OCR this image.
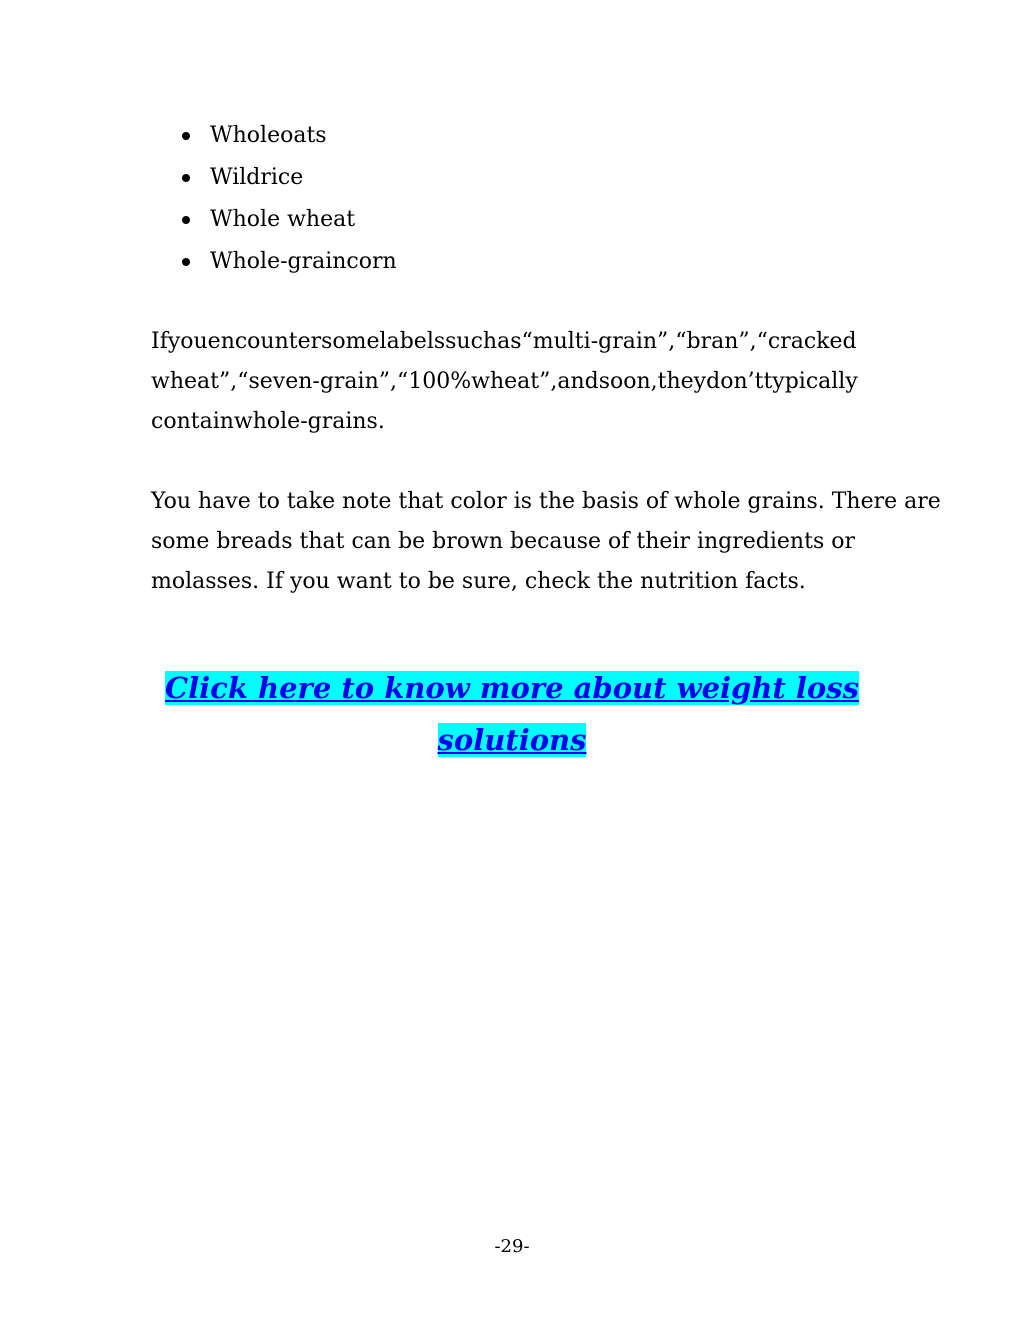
Wholeoats
Wildrice
Whole wheat
Whole-graincorn

Ifyouencountersomelabelssuchas“multi-grain”,“bran”,“cracked
wheat”,“seven-grain”,“100%wheat”,andsoon,theydon’ttypically
containwhole-grains.

You have to take note that color is the basis of whole grains. There are
some breads that can be brown because of their ingredients or
molasses. If you want to be sure, check the nutrition facts.

Click here to know more about weight loss
solutions
-29-
